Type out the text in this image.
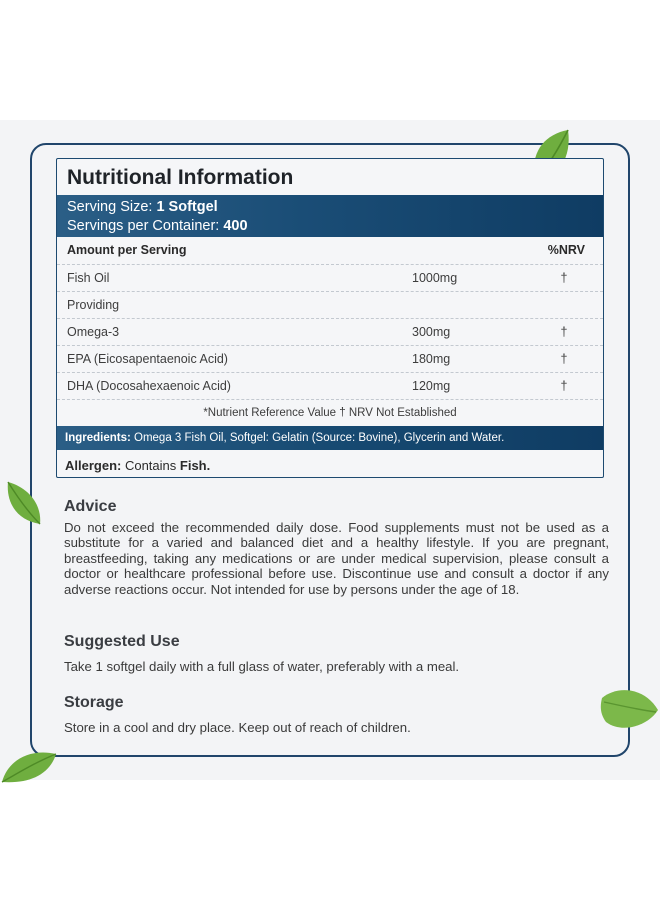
Nutritional Information
Serving Size: 1 Softgel
Servings per Container: 400
Amount per Serving	%NRV
Fish Oil	1000mg	†
Providing
Omega-3	300mg	†
EPA (Eicosapentaenoic Acid)	180mg	†
DHA (Docosahexaenoic Acid)	120mg	†
*Nutrient Reference Value † NRV Not Established
Ingredients: Omega 3 Fish Oil, Softgel: Gelatin (Source: Bovine), Glycerin and Water.
Allergen: Contains Fish.
Advice

Do not exceed the recommended daily dose. Food supplements must not be used as a substitute for a varied and balanced diet and a healthy lifestyle. If you are pregnant, breastfeeding, taking any medications or are under medical supervision, please consult a doctor or healthcare professional before use. Discontinue use and consult a doctor if any adverse reactions occur. Not intended for use by persons under the age of 18.

Suggested Use

Take 1 softgel daily with a full glass of water, preferably with a meal.

Storage

Store in a cool and dry place. Keep out of reach of children.
